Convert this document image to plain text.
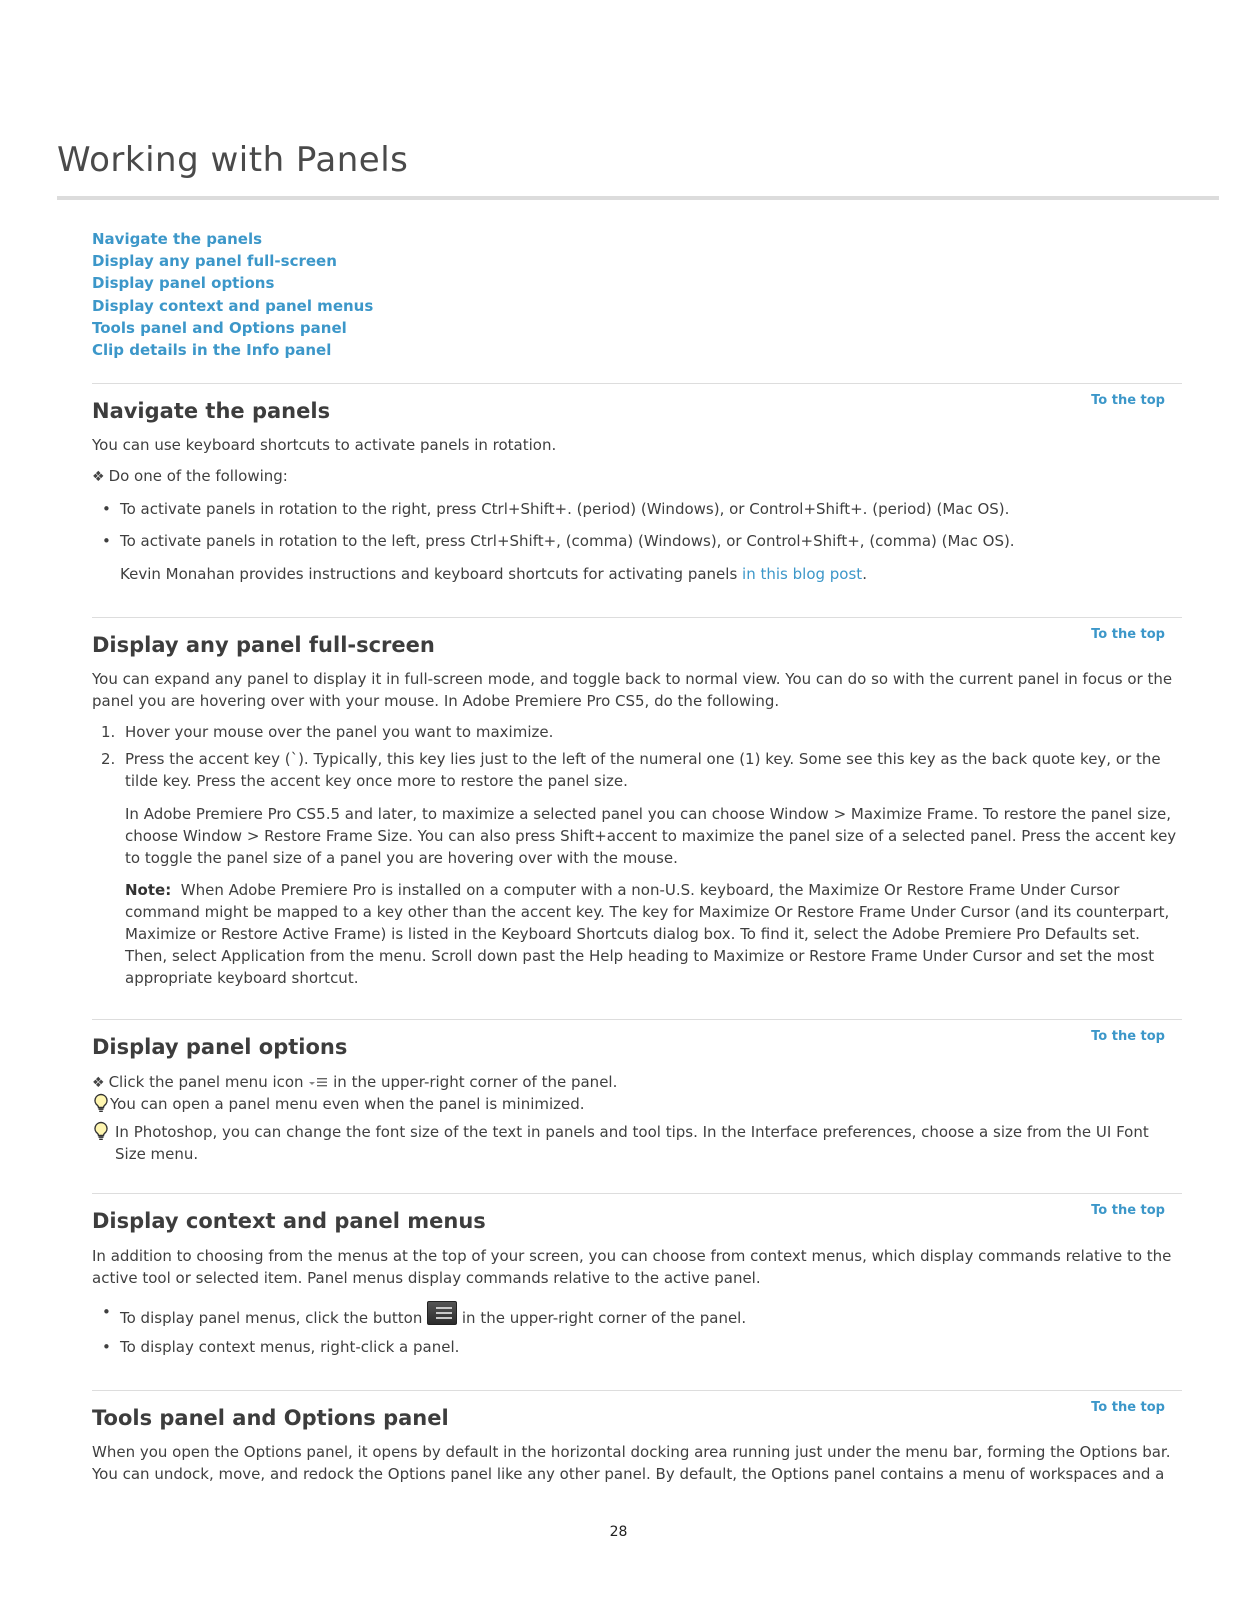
Working with Panels
Navigate the panels
Display any panel full-screen
Display panel options
Display context and panel menus
Tools panel and Options panel
Clip details in the Info panel
To the top
Navigate the panels

You can use keyboard shortcuts to activate panels in rotation.

❖ Do one of the following:

• To activate panels in rotation to the right, press Ctrl+Shift+. (period) (Windows), or Control+Shift+. (period) (Mac OS).

• To activate panels in rotation to the left, press Ctrl+Shift+, (comma) (Windows), or Control+Shift+, (comma) (Mac OS).

Kevin Monahan provides instructions and keyboard shortcuts for activating panels in this blog post.

To the top
Display any panel full-screen

You can expand any panel to display it in full-screen mode, and toggle back to normal view. You can do so with the current panel in focus or the panel you are hovering over with your mouse. In Adobe Premiere Pro CS5, do the following.

1. Hover your mouse over the panel you want to maximize.

2. Press the accent key (`). Typically, this key lies just to the left of the numeral one (1) key. Some see this key as the back quote key, or the tilde key. Press the accent key once more to restore the panel size.

In Adobe Premiere Pro CS5.5 and later, to maximize a selected panel you can choose Window > Maximize Frame. To restore the panel size, choose Window > Restore Frame Size. You can also press Shift+accent to maximize the panel size of a selected panel. Press the accent key to toggle the panel size of a panel you are hovering over with the mouse.

Note: When Adobe Premiere Pro is installed on a computer with a non-U.S. keyboard, the Maximize Or Restore Frame Under Cursor command might be mapped to a key other than the accent key. The key for Maximize Or Restore Frame Under Cursor (and its counterpart, Maximize or Restore Active Frame) is listed in the Keyboard Shortcuts dialog box. To find it, select the Adobe Premiere Pro Defaults set. Then, select Application from the menu. Scroll down past the Help heading to Maximize or Restore Frame Under Cursor and set the most appropriate keyboard shortcut.

To the top
Display panel options

❖ Click the panel menu icon in the upper-right corner of the panel.

You can open a panel menu even when the panel is minimized.

In Photoshop, you can change the font size of the text in panels and tool tips. In the Interface preferences, choose a size from the UI Font Size menu.

To the top
Display context and panel menus

In addition to choosing from the menus at the top of your screen, you can choose from context menus, which display commands relative to the active tool or selected item. Panel menus display commands relative to the active panel.

• To display panel menus, click the button	in the upper-right corner of the panel.

• To display context menus, right-click a panel.

To the top
Tools panel and Options panel

When you open the Options panel, it opens by default in the horizontal docking area running just under the menu bar, forming the Options bar. You can undock, move, and redock the Options panel like any other panel. By default, the Options panel contains a menu of workspaces and a

28
